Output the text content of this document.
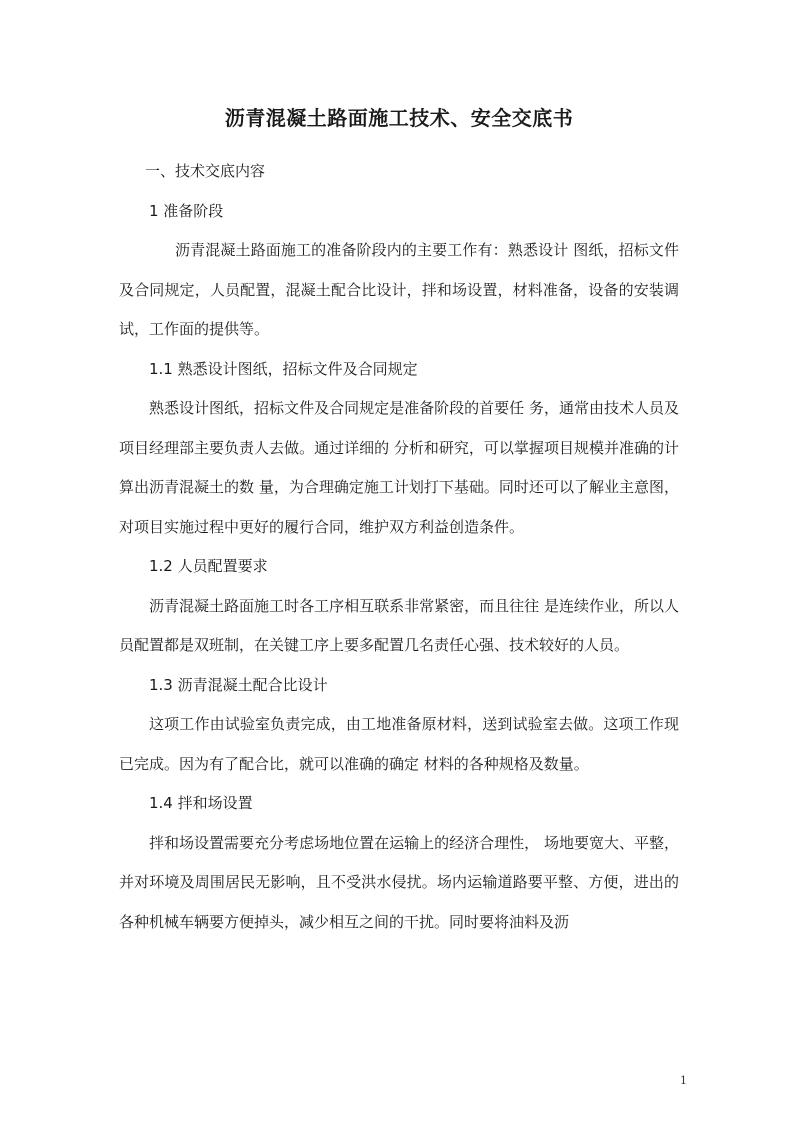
沥青混凝土路面施工技术、安全交底书

一、技术交底内容

1 准备阶段

沥青混凝土路面施工的准备阶段内的主要工作有：熟悉设计 图纸，招标文件及合同规定，人员配置，混凝土配合比设计，拌和场设置，材料准备，设备的安装调试，工作面的提供等。

1.1 熟悉设计图纸，招标文件及合同规定

熟悉设计图纸，招标文件及合同规定是准备阶段的首要任 务，通常由技术人员及项目经理部主要负责人去做。通过详细的 分析和研究，可以掌握项目规模并准确的计算出沥青混凝土的数 量，为合理确定施工计划打下基础。同时还可以了解业主意图， 对项目实施过程中更好的履行合同，维护双方利益创造条件。

1.2 人员配置要求

沥青混凝土路面施工时各工序相互联系非常紧密，而且往往 是连续作业，所以人员配置都是双班制，在关键工序上要多配置几名责任心强、技术较好的人员。

1.3 沥青混凝土配合比设计

这项工作由试验室负责完成，由工地准备原材料，送到试验室去做。这项工作现已完成。因为有了配合比，就可以准确的确定 材料的各种规格及数量。

1.4 拌和场设置

拌和场设置需要充分考虑场地位置在运输上的经济合理性， 场地要宽大、平整，并对环境及周围居民无影响，且不受洪水侵扰。场内运输道路要平整、方便，进出的各种机械车辆要方便掉头，减少相互之间的干扰。同时要将油料及沥

1
